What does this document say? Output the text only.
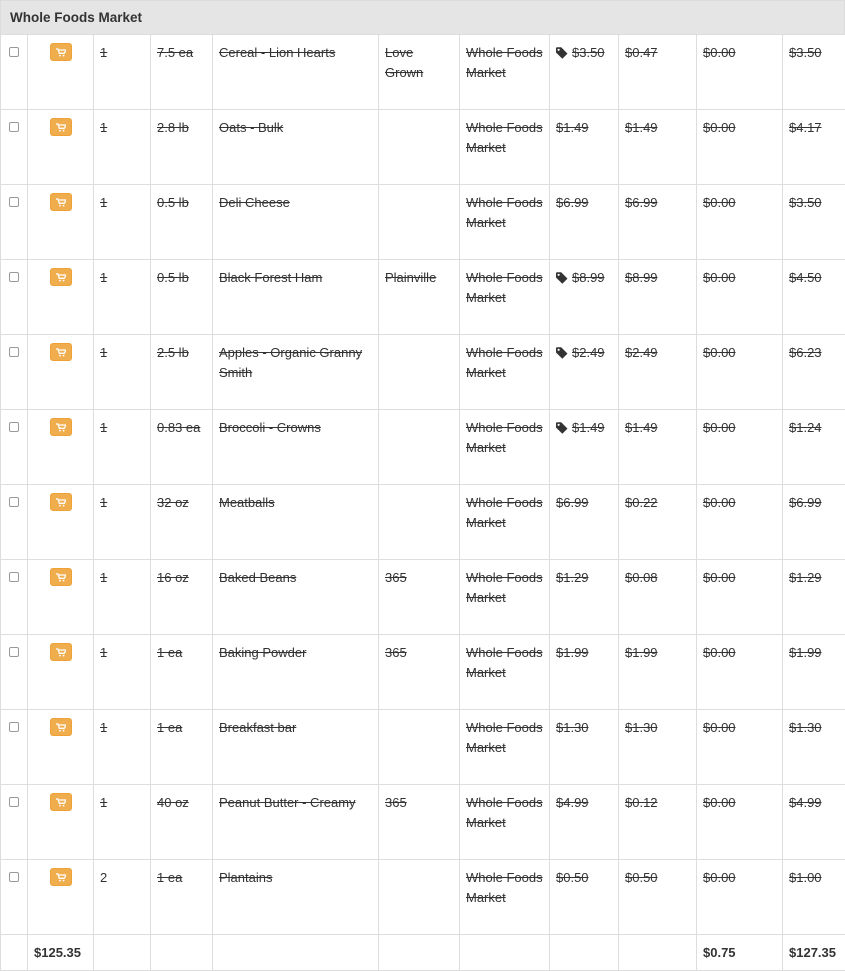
Whole Foods Market

	1	7.5 ea	Cereal - Lion Hearts	Love Grown	Whole Foods Market	$3.50	$0.47	$0.00	$3.50

	1	2.8 lb	Oats - Bulk		Whole Foods Market	$1.49	$1.49	$0.00	$4.17

	1	0.5 lb	Deli Cheese		Whole Foods Market	$6.99	$6.99	$0.00	$3.50

	1	0.5 lb	Black Forest Ham	Plainville	Whole Foods Market	$8.99	$8.99	$0.00	$4.50

	1	2.5 lb	Apples - Organic Granny Smith		Whole Foods Market	$2.49	$2.49	$0.00	$6.23

	1	0.83 ea	Broccoli - Crowns		Whole Foods Market	$1.49	$1.49	$0.00	$1.24

	1	32 oz	Meatballs		Whole Foods Market	$6.99	$0.22	$0.00	$6.99

	1	16 oz	Baked Beans	365	Whole Foods Market	$1.29	$0.08	$0.00	$1.29

	1	1 ea	Baking Powder	365	Whole Foods Market	$1.99	$1.99	$0.00	$1.99

	1	1 ea	Breakfast bar		Whole Foods Market	$1.30	$1.30	$0.00	$1.30

	1	40 oz	Peanut Butter - Creamy	365	Whole Foods Market	$4.99	$0.12	$0.00	$4.99

	2	1 ea	Plantains		Whole Foods Market	$0.50	$0.50	$0.00	$1.00
	$125.35								$0.75	$127.35
